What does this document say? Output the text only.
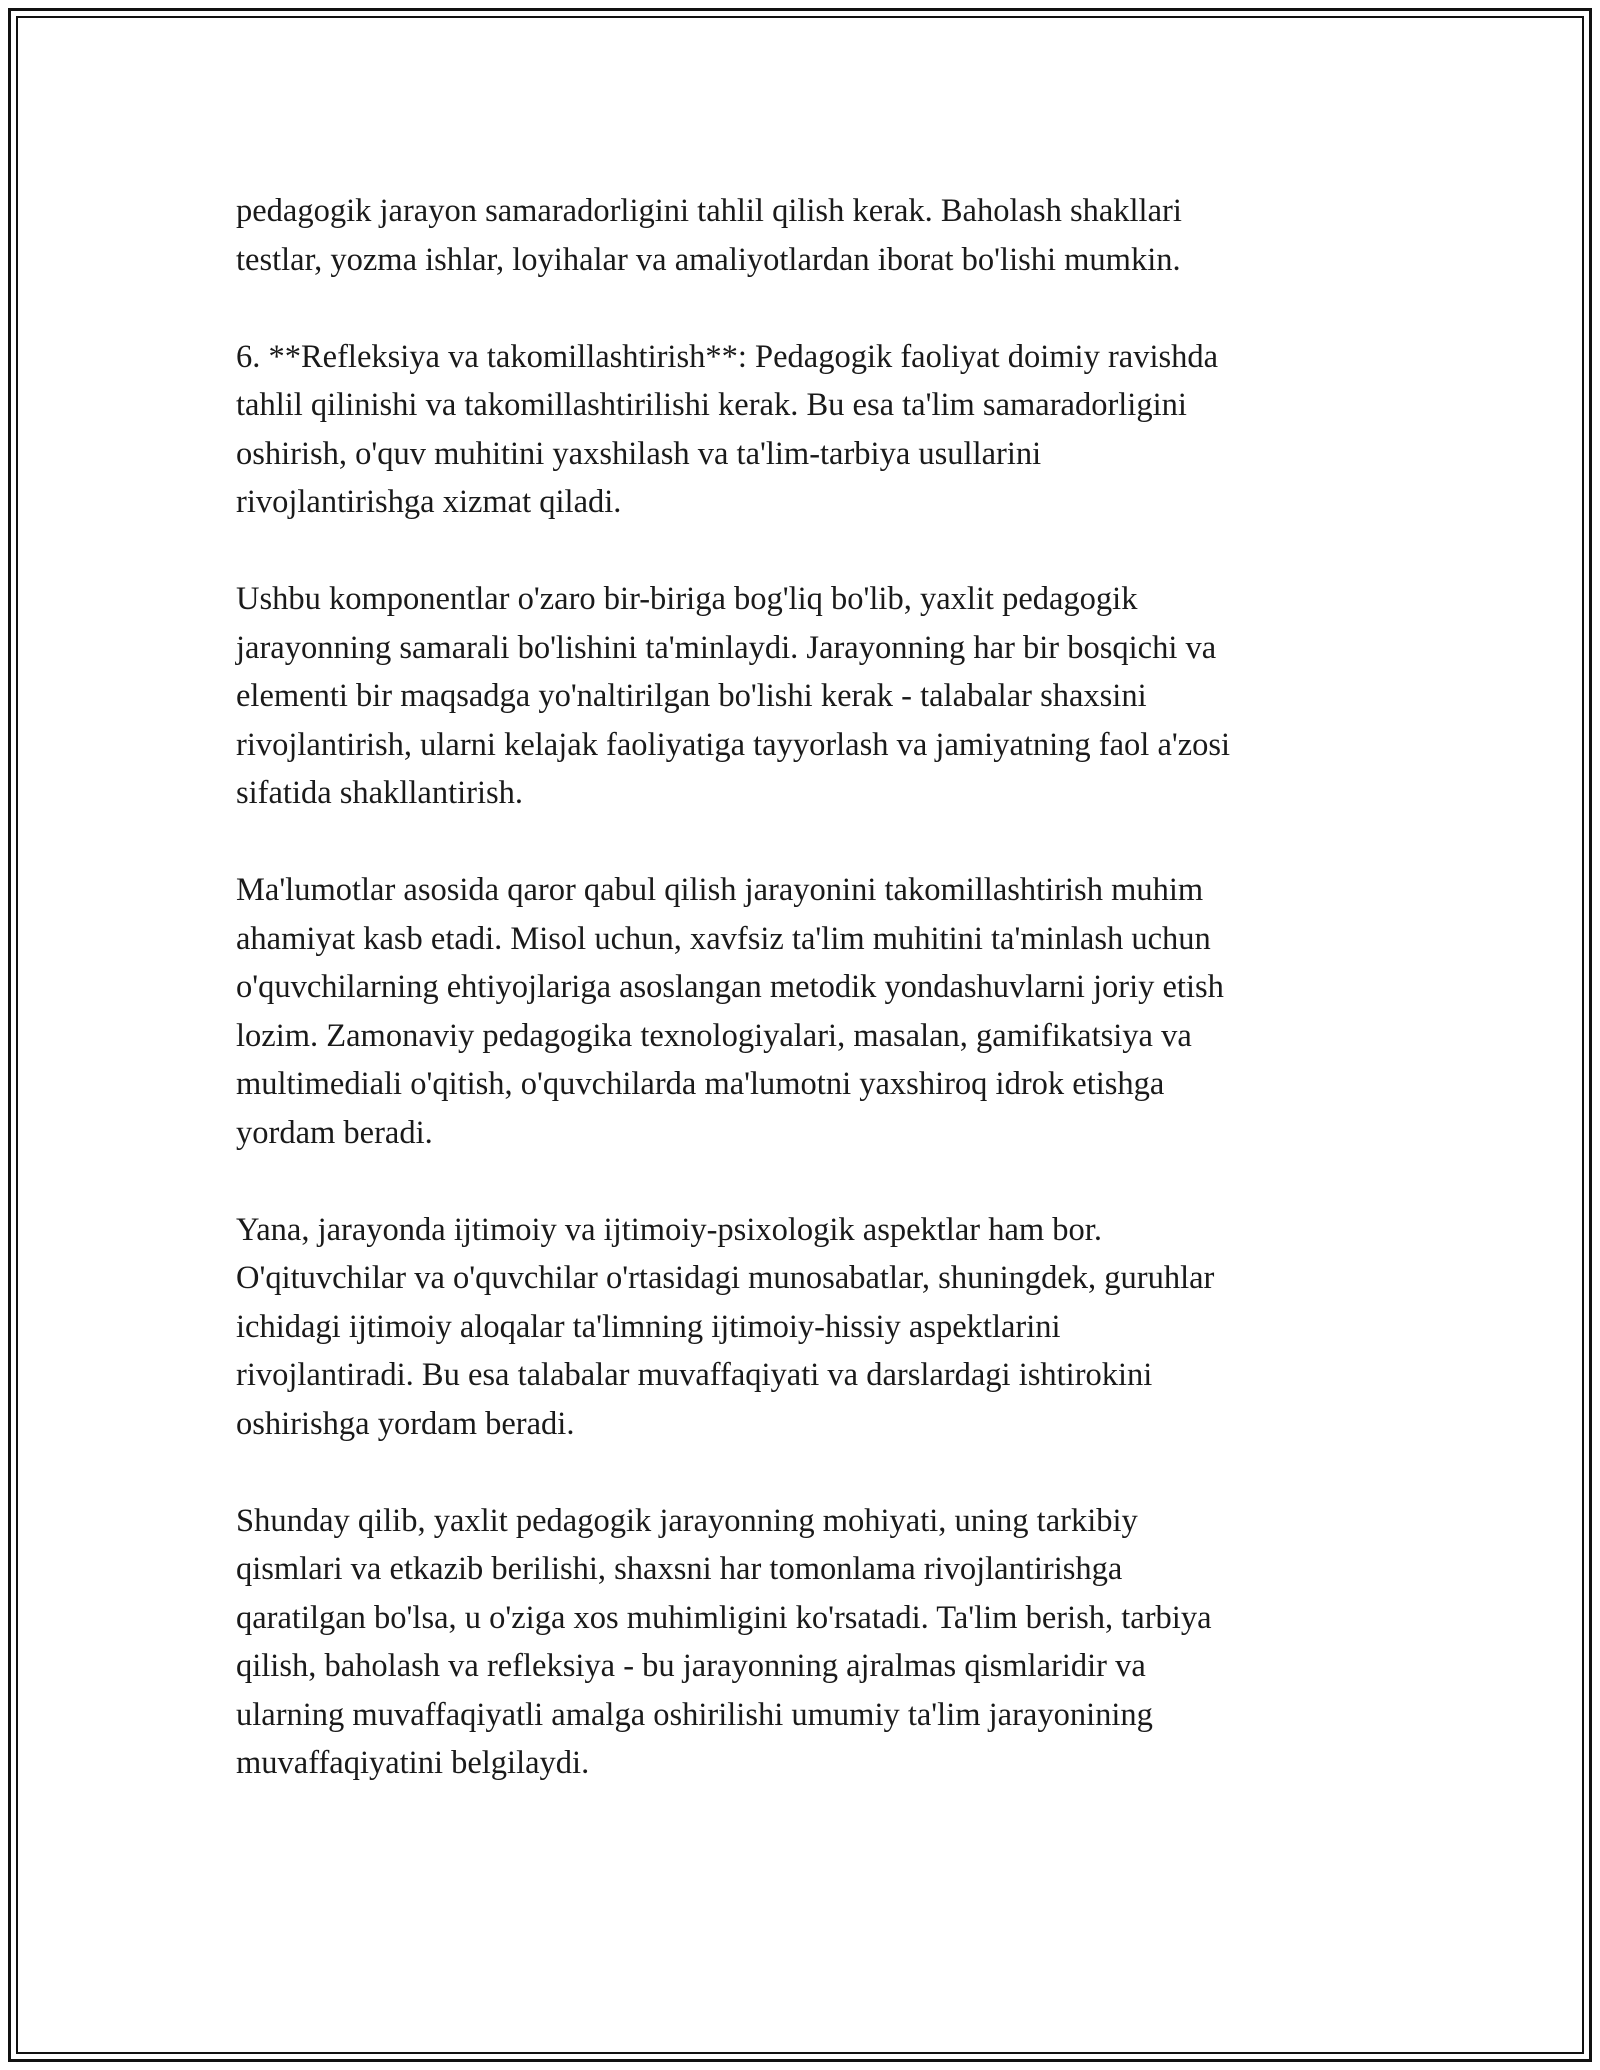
pedagogik jarayon samaradorligini tahlil qilish kerak. Baholash shakllari
testlar, yozma ishlar, loyihalar va amaliyotlardan iborat bo'lishi mumkin.

6. **Refleksiya va takomillashtirish**: Pedagogik faoliyat doimiy ravishda
tahlil qilinishi va takomillashtirilishi kerak. Bu esa ta'lim samaradorligini
oshirish, o'quv muhitini yaxshilash va ta'lim-tarbiya usullarini
rivojlantirishga xizmat qiladi.

Ushbu komponentlar o'zaro bir-biriga bog'liq bo'lib, yaxlit pedagogik
jarayonning samarali bo'lishini ta'minlaydi. Jarayonning har bir bosqichi va
elementi bir maqsadga yo'naltirilgan bo'lishi kerak - talabalar shaxsini
rivojlantirish, ularni kelajak faoliyatiga tayyorlash va jamiyatning faol a'zosi
sifatida shakllantirish.

Ma'lumotlar asosida qaror qabul qilish jarayonini takomillashtirish muhim
ahamiyat kasb etadi. Misol uchun, xavfsiz ta'lim muhitini ta'minlash uchun
o'quvchilarning ehtiyojlariga asoslangan metodik yondashuvlarni joriy etish
lozim. Zamonaviy pedagogika texnologiyalari, masalan, gamifikatsiya va
multimediali o'qitish, o'quvchilarda ma'lumotni yaxshiroq idrok etishga
yordam beradi.

Yana, jarayonda ijtimoiy va ijtimoiy-psixologik aspektlar ham bor.
O'qituvchilar va o'quvchilar o'rtasidagi munosabatlar, shuningdek, guruhlar
ichidagi ijtimoiy aloqalar ta'limning ijtimoiy-hissiy aspektlarini
rivojlantiradi. Bu esa talabalar muvaffaqiyati va darslardagi ishtirokini
oshirishga yordam beradi.

Shunday qilib, yaxlit pedagogik jarayonning mohiyati, uning tarkibiy
qismlari va etkazib berilishi, shaxsni har tomonlama rivojlantirishga
qaratilgan bo'lsa, u o'ziga xos muhimligini ko'rsatadi. Ta'lim berish, tarbiya
qilish, baholash va refleksiya - bu jarayonning ajralmas qismlaridir va
ularning muvaffaqiyatli amalga oshirilishi umumiy ta'lim jarayonining
muvaffaqiyatini belgilaydi.
